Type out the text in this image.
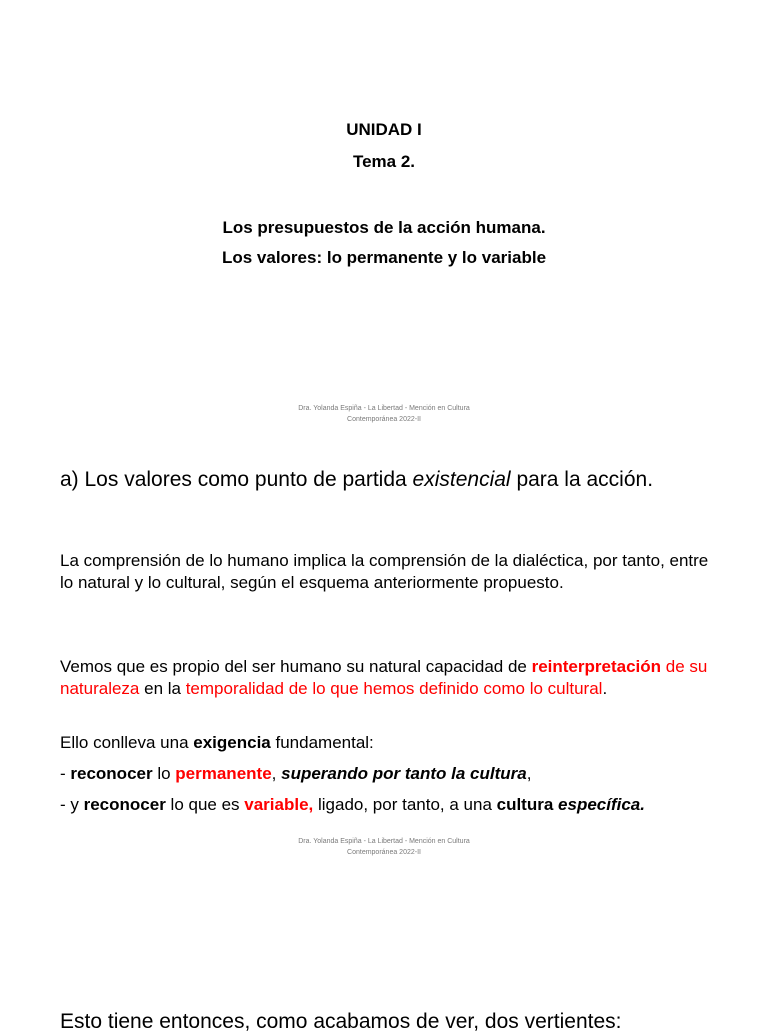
UNIDAD I
Tema 2.
Los presupuestos de la acción humana.
Los valores: lo permanente y lo variable
Dra. Yolanda Espiña - La Libertad - Mención en Cultura
Contemporánea 2022-II
a) Los valores como punto de partida existencial para la acción.
La comprensión de lo humano implica la comprensión de la dialéctica, por tanto, entre lo natural y lo cultural, según el esquema anteriormente propuesto.
Vemos que es propio del ser humano su natural capacidad de reinterpretación de su naturaleza en la temporalidad de lo que hemos definido como lo cultural.
Ello conlleva una exigencia fundamental:
- reconocer lo permanente, superando por tanto la cultura,
- y reconocer lo que es variable, ligado, por tanto, a una cultura específica.
Dra. Yolanda Espiña - La Libertad - Mención en Cultura
Contemporánea 2022-II
Esto tiene entonces, como acabamos de ver, dos vertientes:
